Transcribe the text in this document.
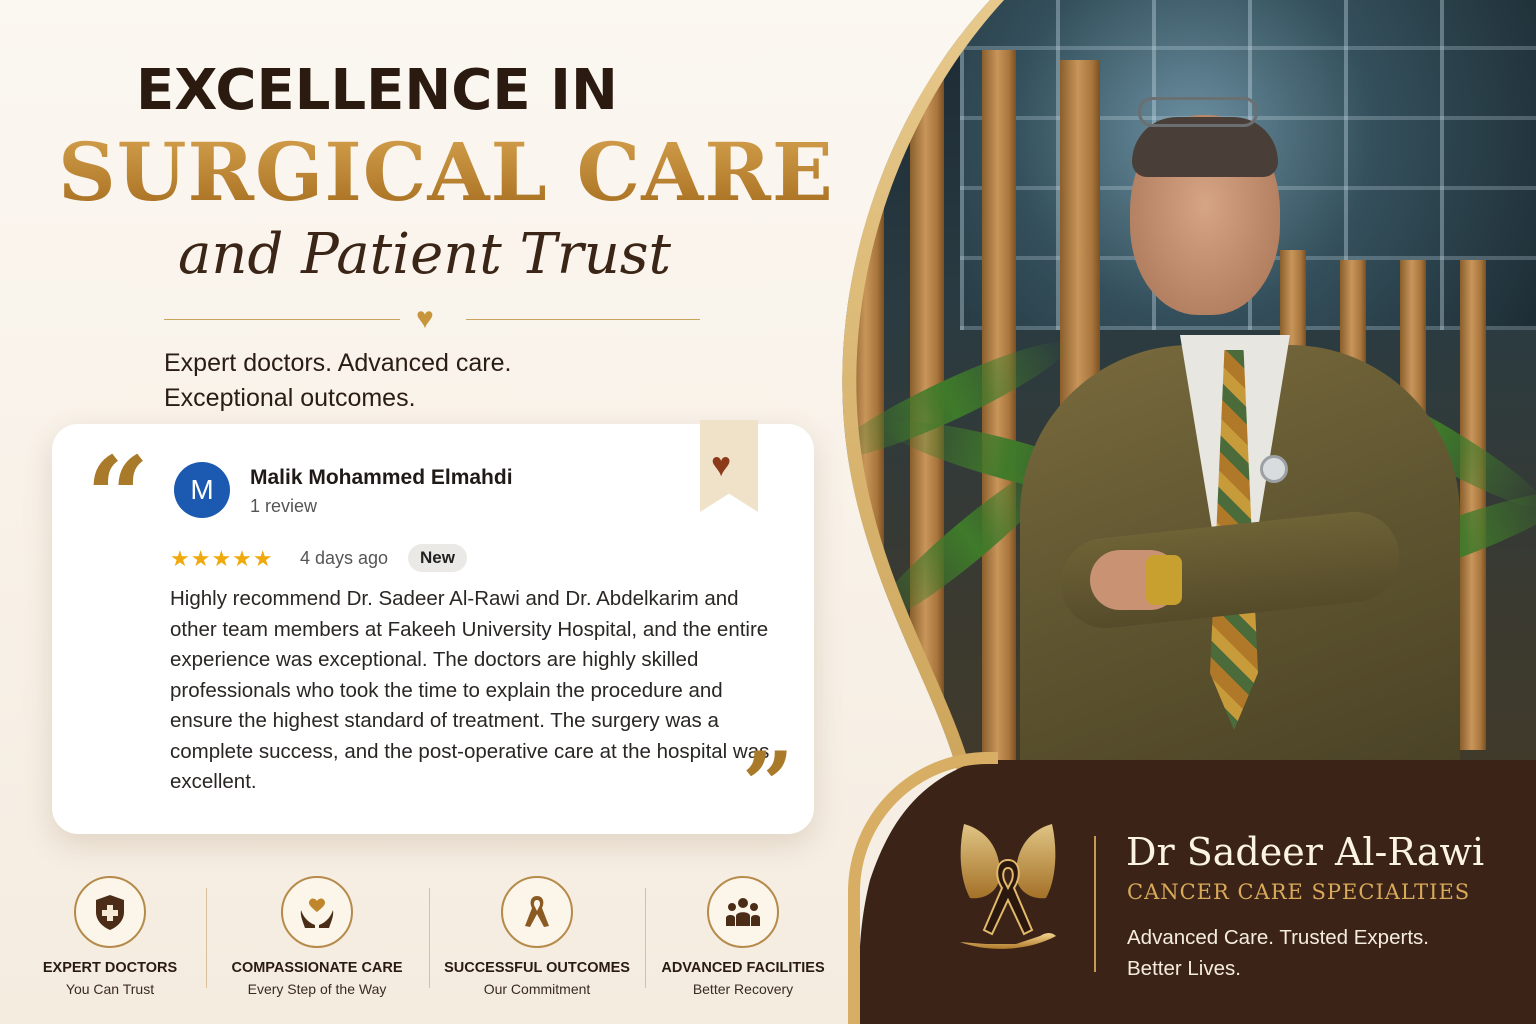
EXCELLENCE IN
SURGICAL CARE
and Patient Trust
♥
Expert doctors. Advanced care.
Exceptional outcomes.
“	M	Malik Mohammed Elmahdi
1 review
♥
★★★★★ 4 days ago	New
Highly recommend Dr. Sadeer Al-Rawi and Dr. Abdelkarim and other team members at Fakeeh University Hospital, and the entire experience was exceptional. The doctors are highly skilled professionals who took the time to explain the procedure and ensure the highest standard of treatment. The surgery was a complete success, and the post-operative care at the hospital was excellent.	”
EXPERT DOCTORS
You Can Trust
COMPASSIONATE CARE
Every Step of the Way
SUCCESSFUL OUTCOMES
Our Commitment
ADVANCED FACILITIES
Better Recovery
Dr Sadeer Al-Rawi
CANCER CARE SPECIALTIES
Advanced Care. Trusted Experts.
Better Lives.
